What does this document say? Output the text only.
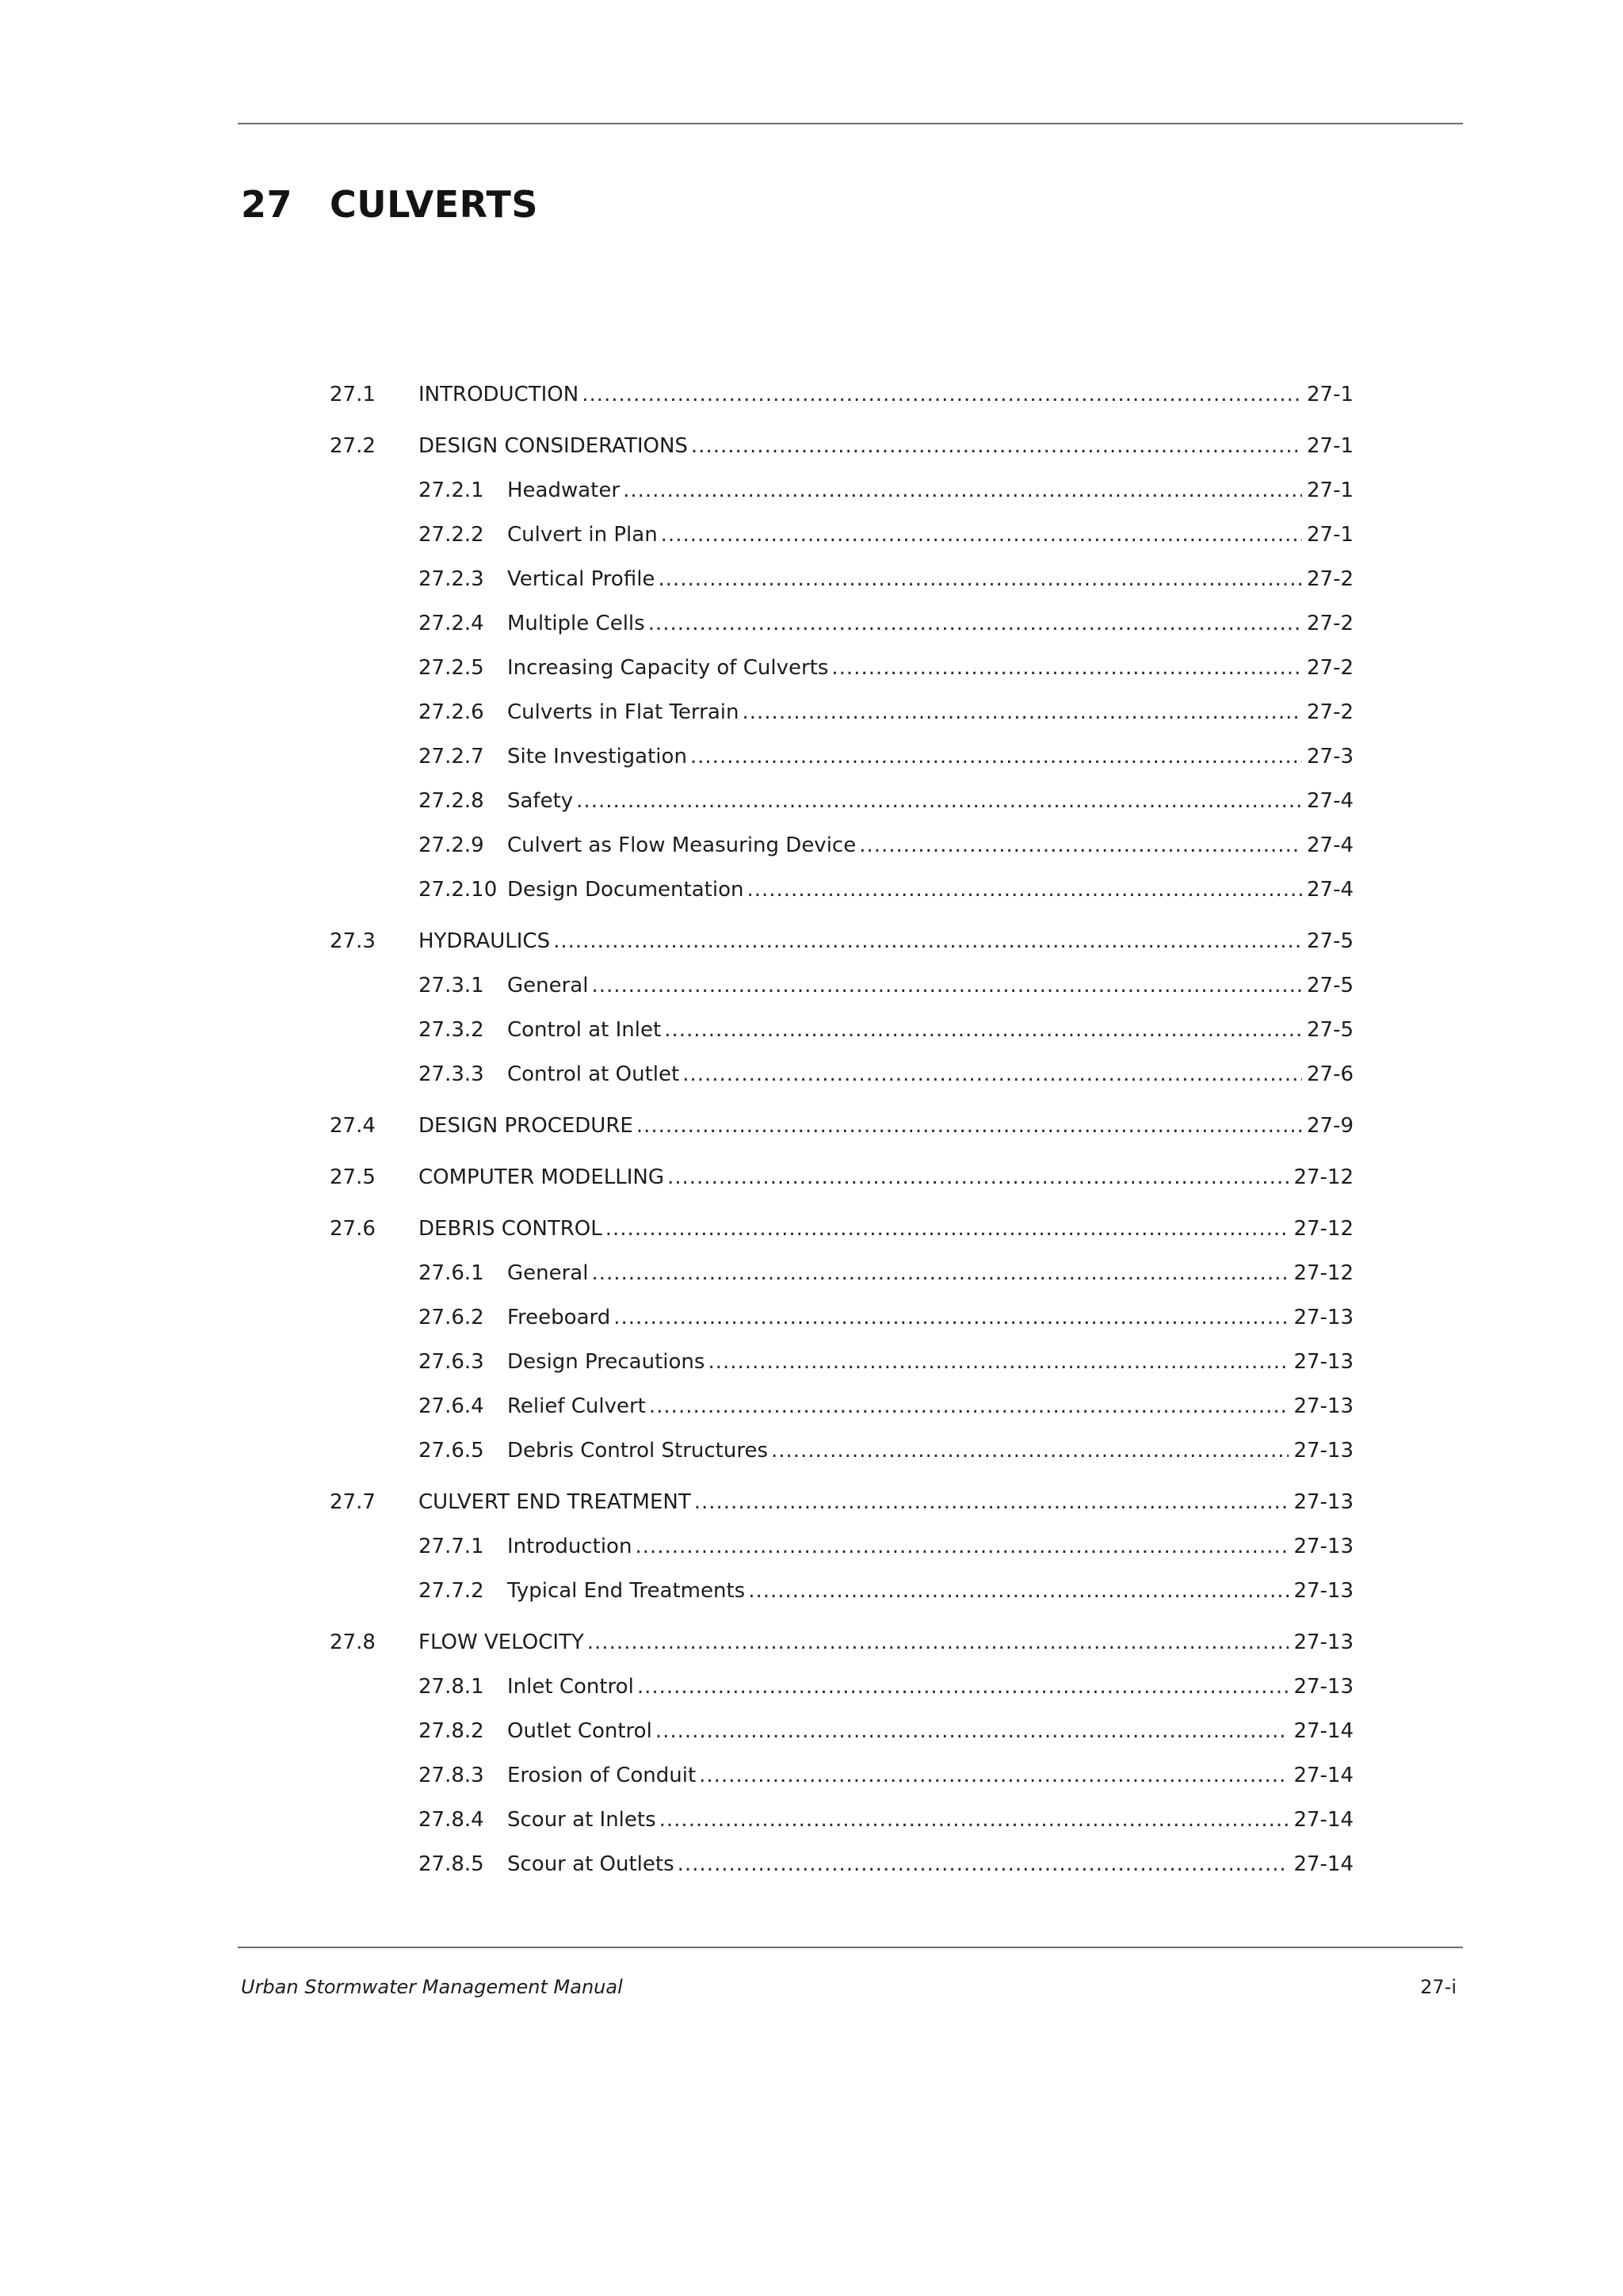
27 CULVERTS
27.1	INTRODUCTION .....	27-1
27.2	DESIGN CONSIDERATIONS .....	27-1
27.2.1	Headwater .....	27-1
27.2.2	Culvert in Plan .....	27-1
27.2.3	Vertical Profile .....	27-2
27.2.4	Multiple Cells .....	27-2
27.2.5	Increasing Capacity of Culverts .....	27-2
27.2.6	Culverts in Flat Terrain .....	27-2
27.2.7	Site Investigation .....	27-3
27.2.8	Safety .....	27-4
27.2.9	Culvert as Flow Measuring Device .....	27-4
27.2.10 Design Documentation .....	27-4
27.3	HYDRAULICS .....	27-5
27.3.1	General .....	27-5
27.3.2	Control at Inlet .....	27-5
27.3.3	Control at Outlet .....	27-6
27.4	DESIGN PROCEDURE .....	27-9
27.5	COMPUTER MODELLING .....	27-12
27.6	DEBRIS CONTROL .....	27-12
27.6.1	General .....	27-12
27.6.2	Freeboard .....	27-13
27.6.3	Design Precautions .....	27-13
27.6.4	Relief Culvert .....	27-13
27.6.5	Debris Control Structures .....	27-13
27.7	CULVERT END TREATMENT .....	27-13
27.7.1	Introduction .....	27-13
27.7.2	Typical End Treatments .....	27-13
27.8	FLOW VELOCITY .....	27-13
27.8.1	Inlet Control .....	27-13
27.8.2	Outlet Control .....	27-14
27.8.3	Erosion of Conduit .....	27-14
27.8.4	Scour at Inlets .....	27-14
27.8.5	Scour at Outlets .....	27-14
Urban Stormwater Management Manual	27-i
